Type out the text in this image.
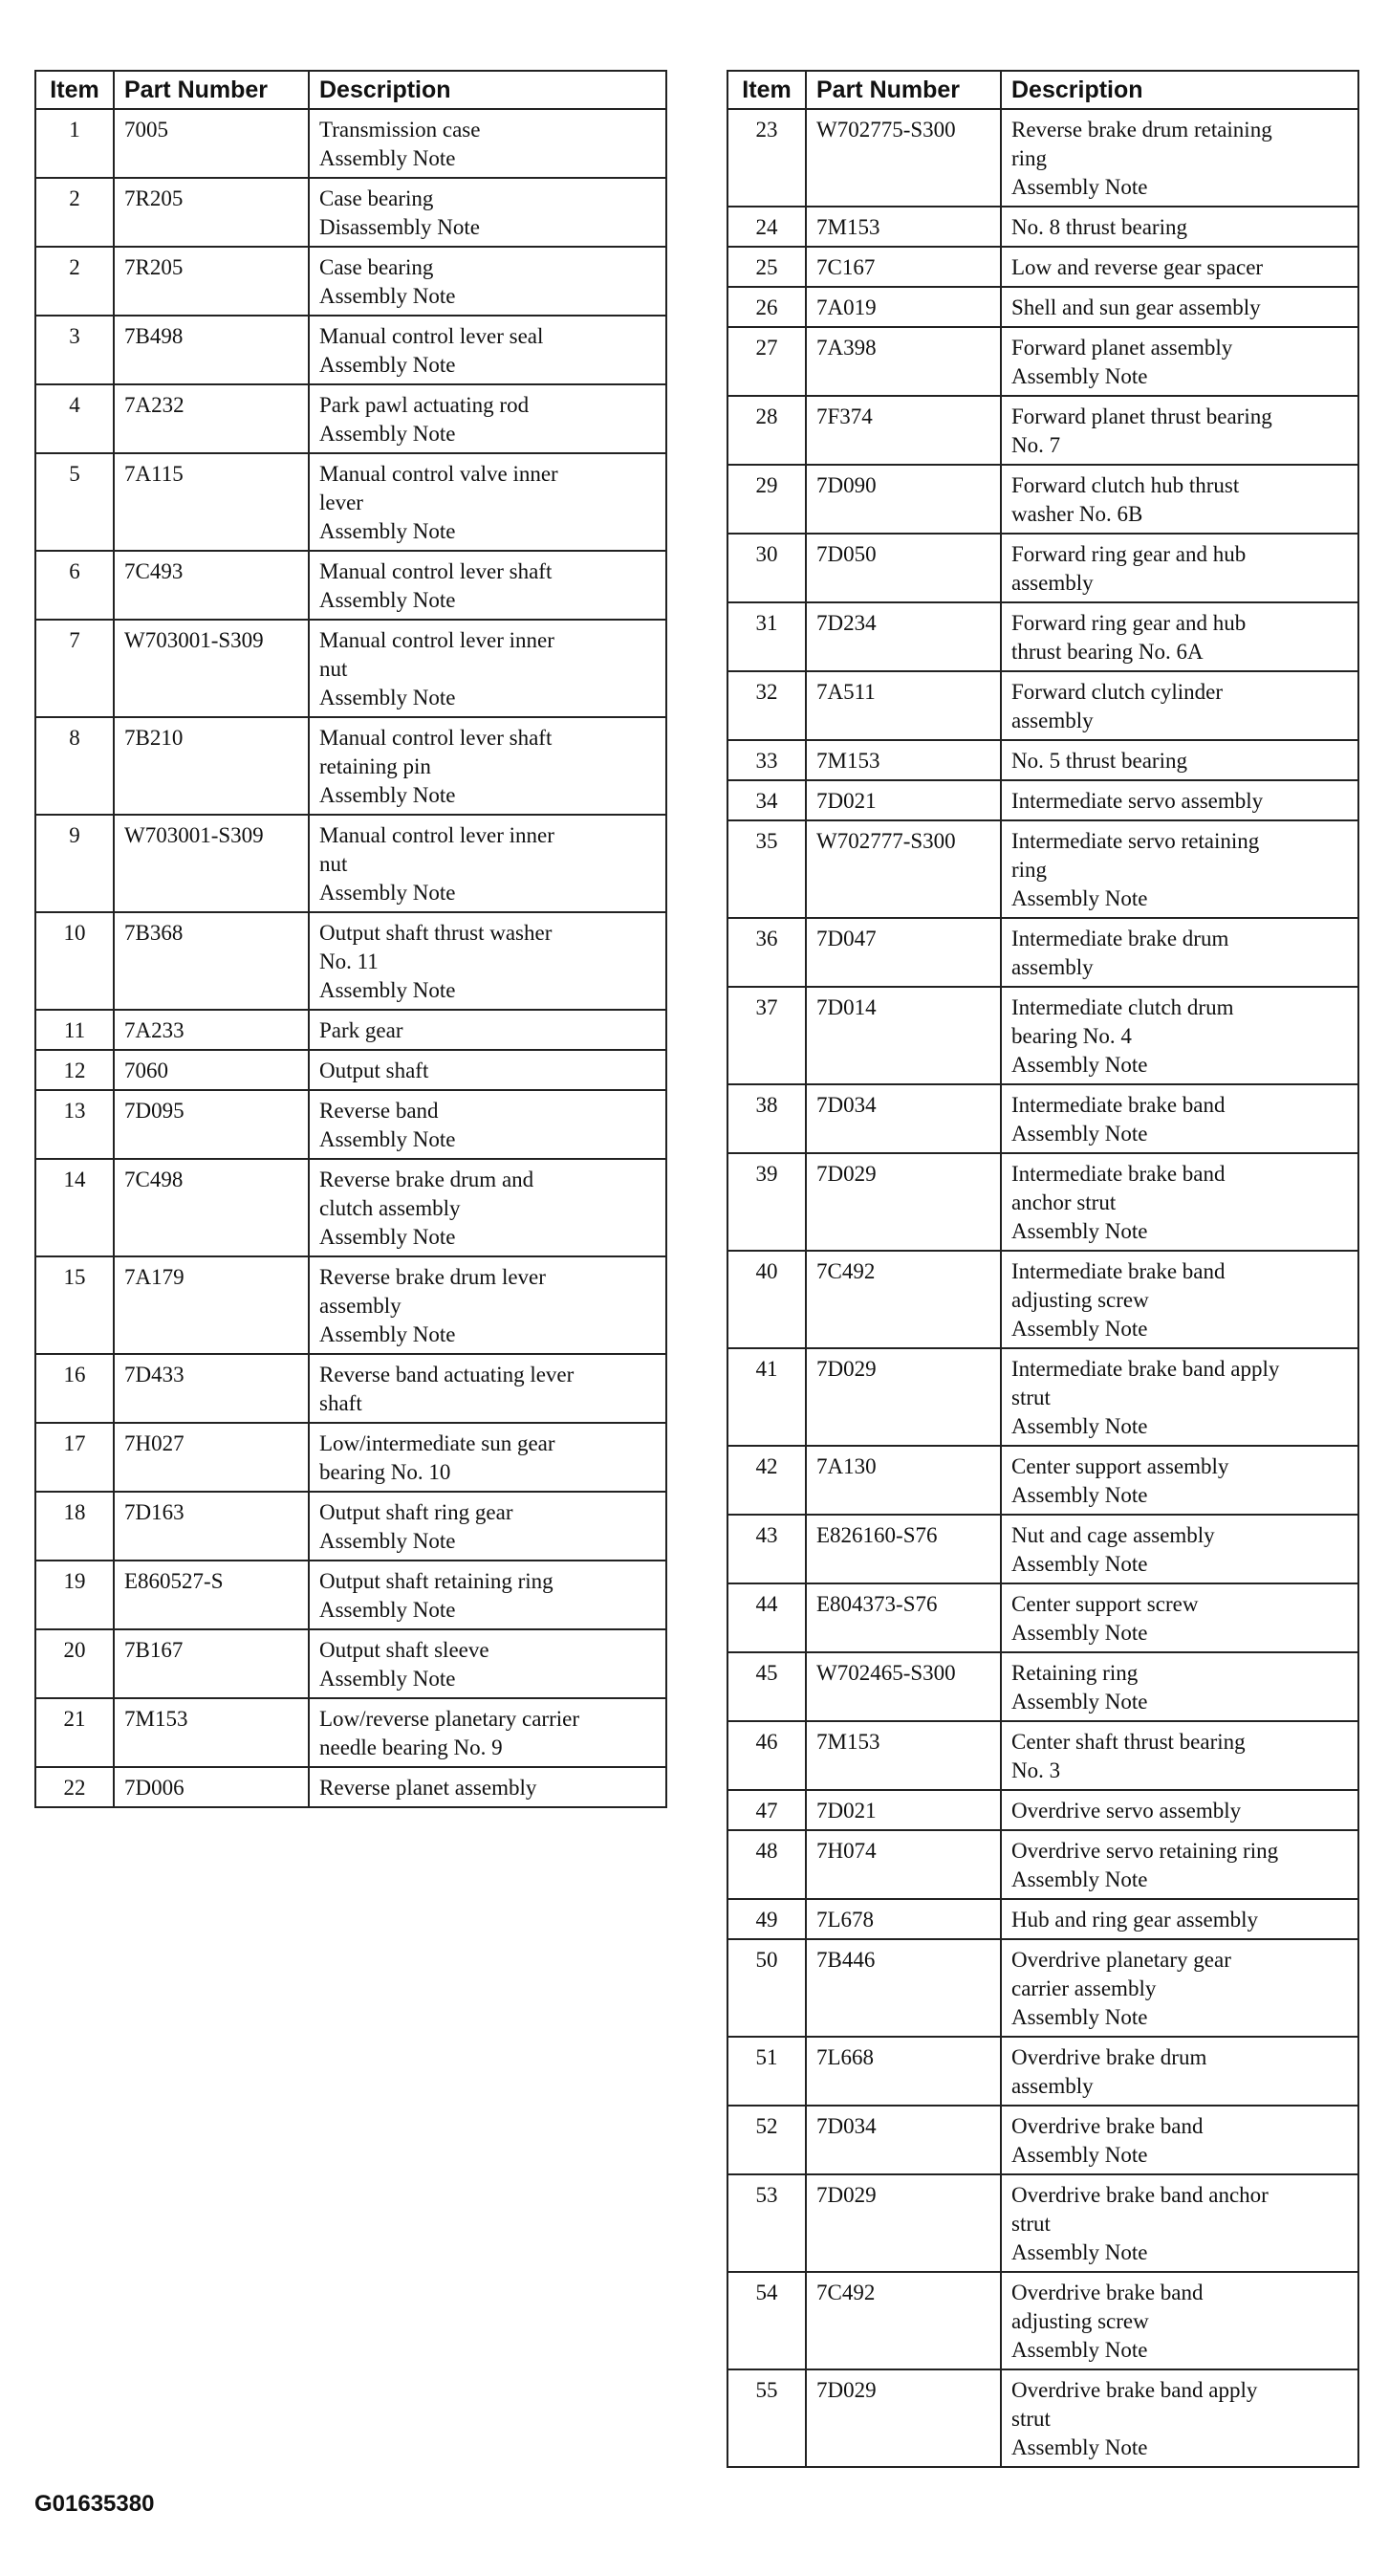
Item	Part Number	Description
1	7005	Transmission case
Assembly Note

2	7R205	Case bearing
Disassembly Note

2	7R205	Case bearing
Assembly Note

3	7B498	Manual control lever seal
Assembly Note

4	7A232	Park pawl actuating rod
Assembly Note

5	7A115	Manual control valve inner
lever
Assembly Note

6	7C493	Manual control lever shaft
Assembly Note

7	W703001-S309	Manual control lever inner
nut
Assembly Note

8	7B210	Manual control lever shaft
retaining pin
Assembly Note

9	W703001-S309	Manual control lever inner
nut
Assembly Note

10	7B368	Output shaft thrust washer
No. 11
Assembly Note

11	7A233	Park gear

12	7060	Output shaft

13	7D095	Reverse band
Assembly Note

14	7C498	Reverse brake drum and
clutch assembly
Assembly Note

15	7A179	Reverse brake drum lever
assembly
Assembly Note

16	7D433	Reverse band actuating lever
shaft

17	7H027	Low/intermediate sun gear
bearing No. 10

18	7D163	Output shaft ring gear
Assembly Note

19	E860527-S	Output shaft retaining ring
Assembly Note

20	7B167	Output shaft sleeve
Assembly Note

21	7M153	Low/reverse planetary carrier
needle bearing No. 9

22	7D006	Reverse planet assembly
Item	Part Number	Description
23	W702775-S300	Reverse brake drum retaining
ring
Assembly Note

24	7M153	No. 8 thrust bearing

25	7C167	Low and reverse gear spacer

26	7A019	Shell and sun gear assembly

27	7A398	Forward planet assembly
Assembly Note

28	7F374	Forward planet thrust bearing
No. 7

29	7D090	Forward clutch hub thrust
washer No. 6B

30	7D050	Forward ring gear and hub
assembly

31	7D234	Forward ring gear and hub
thrust bearing No. 6A

32	7A511	Forward clutch cylinder
assembly

33	7M153	No. 5 thrust bearing

34	7D021	Intermediate servo assembly

35	W702777-S300	Intermediate servo retaining
ring
Assembly Note

36	7D047	Intermediate brake drum
assembly

37	7D014	Intermediate clutch drum
bearing No. 4
Assembly Note

38	7D034	Intermediate brake band
Assembly Note

39	7D029	Intermediate brake band
anchor strut
Assembly Note

40	7C492	Intermediate brake band
adjusting screw
Assembly Note

41	7D029	Intermediate brake band apply
strut
Assembly Note

42	7A130	Center support assembly
Assembly Note

43	E826160-S76	Nut and cage assembly
Assembly Note

44	E804373-S76	Center support screw
Assembly Note

45	W702465-S300	Retaining ring
Assembly Note

46	7M153	Center shaft thrust bearing
No. 3

47	7D021	Overdrive servo assembly

48	7H074	Overdrive servo retaining ring
Assembly Note

49	7L678	Hub and ring gear assembly

50	7B446	Overdrive planetary gear
carrier assembly
Assembly Note

51	7L668	Overdrive brake drum
assembly

52	7D034	Overdrive brake band
Assembly Note

53	7D029	Overdrive brake band anchor
strut
Assembly Note

54	7C492	Overdrive brake band
adjusting screw
Assembly Note

55	7D029	Overdrive brake band apply
strut
Assembly Note
G01635380
